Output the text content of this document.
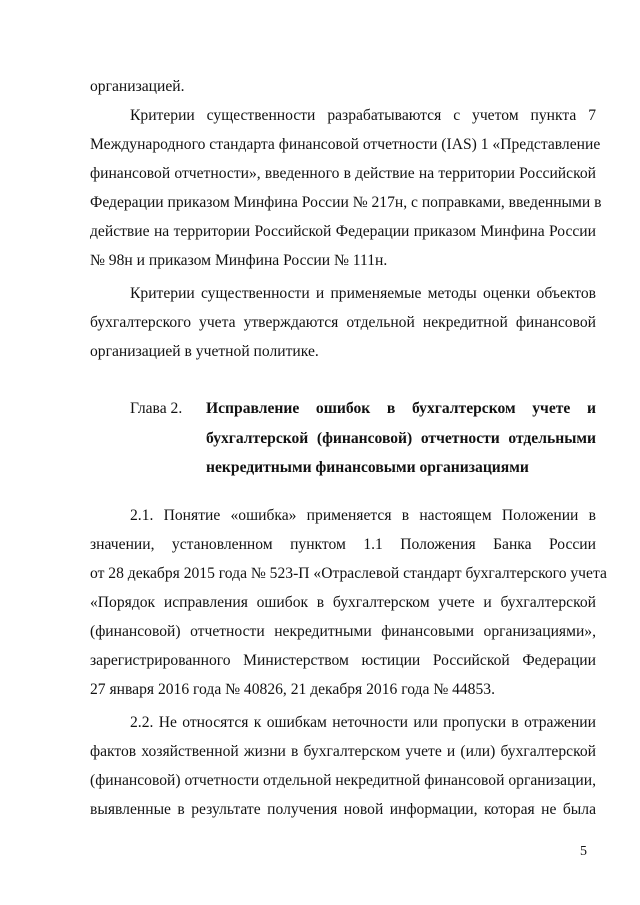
организацией.
Критерии существенности разрабатываются с учетом пункта 7
Международного стандарта финансовой отчетности (IAS) 1 «Представление
финансовой отчетности», введенного в действие на территории Российской
Федерации приказом Минфина России № 217н, с поправками, введенными в
действие на территории Российской Федерации приказом Минфина России
№ 98н и приказом Минфина России № 111н.
Критерии существенности и применяемые методы оценки объектов
бухгалтерского учета утверждаются отдельной некредитной финансовой
организацией в учетной политике.
Глава 2. Исправление ошибок в бухгалтерском учете и
бухгалтерской (финансовой) отчетности отдельными
некредитными финансовыми организациями
2.1. Понятие «ошибка» применяется в настоящем Положении в
значении, установленном пунктом 1.1 Положения Банка России
от 28 декабря 2015 года № 523-П «Отраслевой стандарт бухгалтерского учета
«Порядок исправления ошибок в бухгалтерском учете и бухгалтерской
(финансовой) отчетности некредитными финансовыми организациями»,
зарегистрированного Министерством юстиции Российской Федерации
27 января 2016 года № 40826, 21 декабря 2016 года № 44853.
2.2. Не относятся к ошибкам неточности или пропуски в отражении
фактов хозяйственной жизни в бухгалтерском учете и (или) бухгалтерской
(финансовой) отчетности отдельной некредитной финансовой организации,
выявленные в результате получения новой информации, которая не была
5
